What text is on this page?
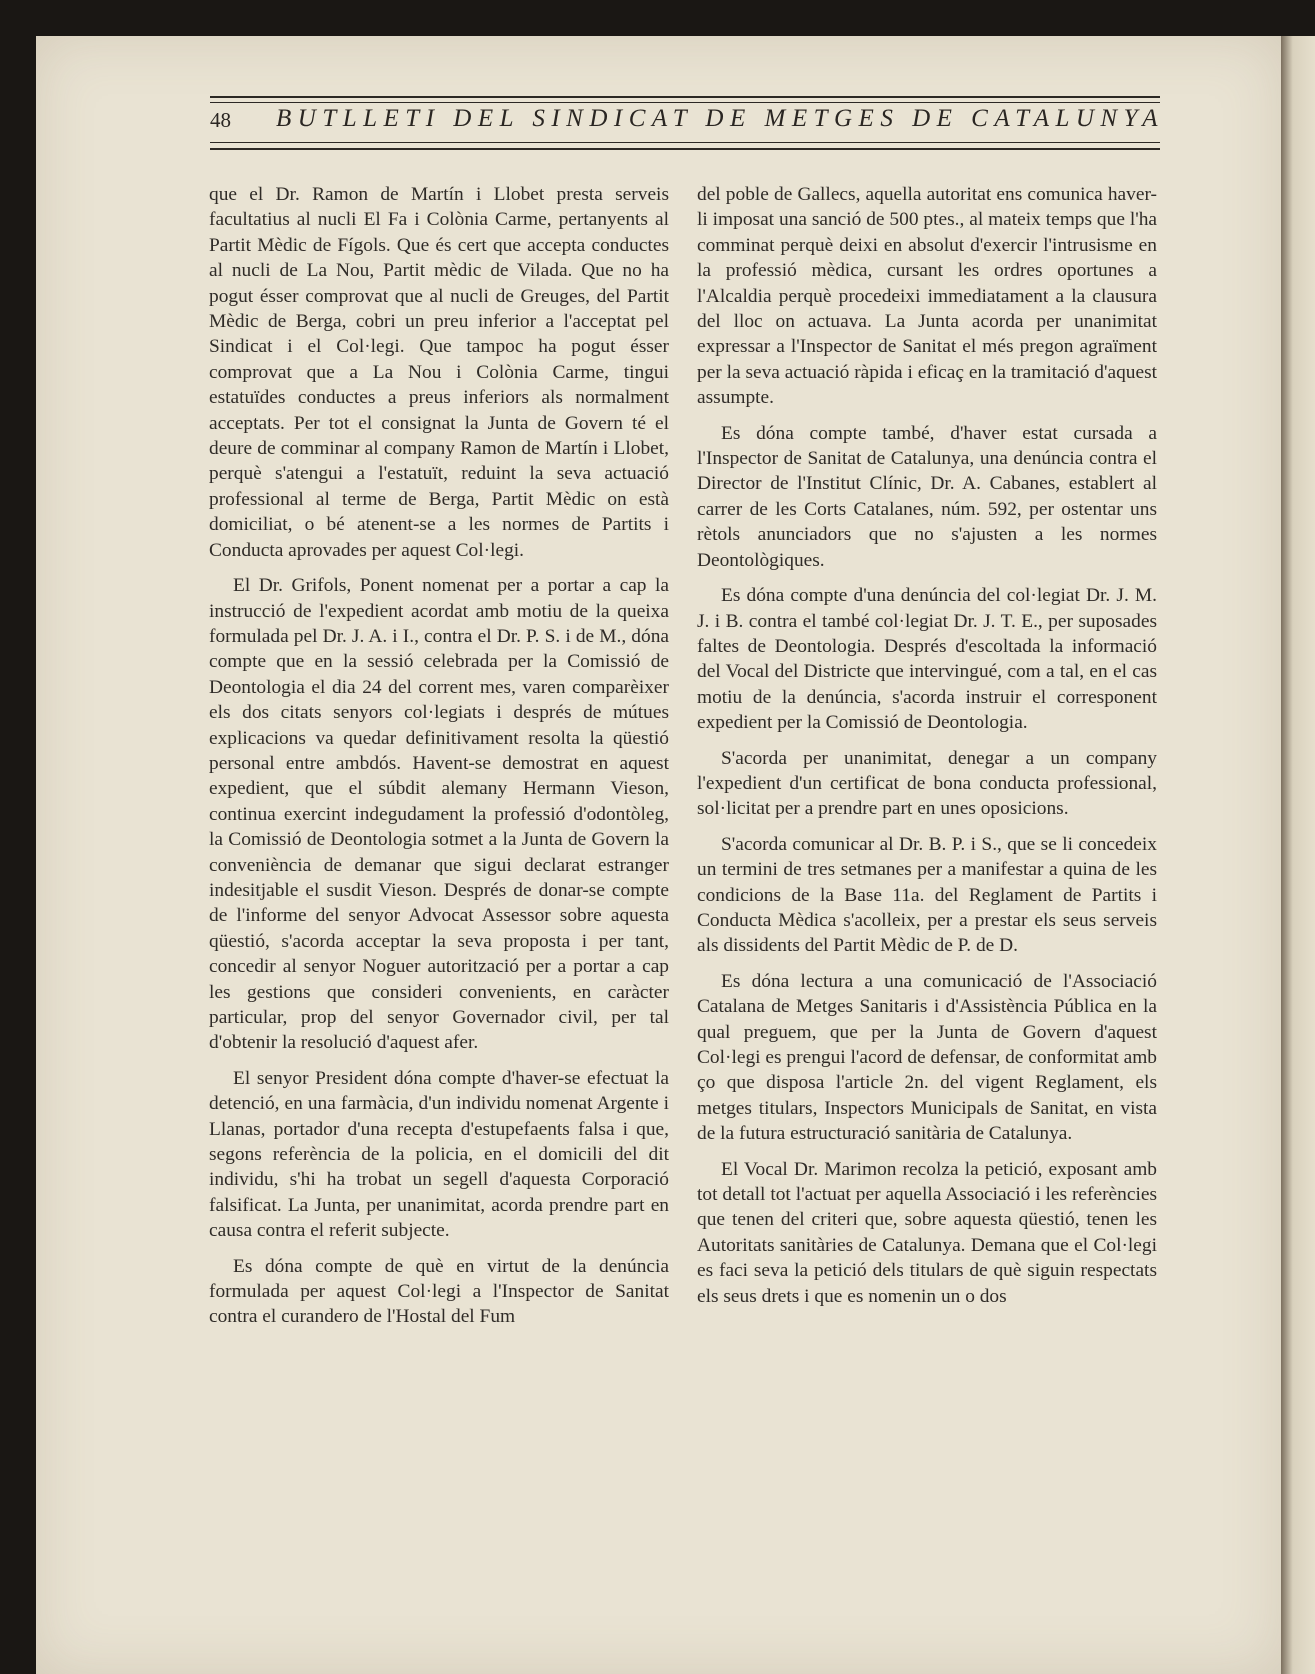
48 BUTLLETI DEL SINDICAT DE METGES DE CATALUNYA

que el Dr. Ramon de Martín i Llobet presta serveis facultatius al nucli El Fa i Colònia Carme, pertanyents al Partit Mèdic de Fígols. Que és cert que accepta conductes al nucli de La Nou, Partit mèdic de Vilada. Que no ha pogut ésser comprovat que al nucli de Greuges, del Partit Mèdic de Berga, cobri un preu inferior a l'acceptat pel Sindicat i el Col·legi. Que tampoc ha pogut ésser comprovat que a La Nou i Colònia Carme, tingui estatuïdes conductes a preus inferiors als normalment acceptats. Per tot el consignat la Junta de Govern té el deure de comminar al company Ramon de Martín i Llobet, perquè s'atengui a l'estatuït, reduint la seva actuació professional al terme de Berga, Partit Mèdic on està domiciliat, o bé atenent-se a les normes de Partits i Conducta aprovades per aquest Col·legi.

El Dr. Grifols, Ponent nomenat per a portar a cap la instrucció de l'expedient acordat amb motiu de la queixa formulada pel Dr. J. A. i I., contra el Dr. P. S. i de M., dóna compte que en la sessió celebrada per la Comissió de Deontologia el dia 24 del corrent mes, varen comparèixer els dos citats senyors col·legiats i després de mútues explicacions va quedar definitivament resolta la qüestió personal entre ambdós. Havent-se demostrat en aquest expedient, que el súbdit alemany Hermann Vieson, continua exercint indegudament la professió d'odontòleg, la Comissió de Deontologia sotmet a la Junta de Govern la conveniència de demanar que sigui declarat estranger indesitjable el susdit Vieson. Després de donar-se compte de l'informe del senyor Advocat Assessor sobre aquesta qüestió, s'acorda acceptar la seva proposta i per tant, concedir al senyor Noguer autorització per a portar a cap les gestions que consideri convenients, en caràcter particular, prop del senyor Governador civil, per tal d'obtenir la resolució d'aquest afer.

El senyor President dóna compte d'haver-se efectuat la detenció, en una farmàcia, d'un individu nomenat Argente i Llanas, portador d'una recepta d'estupefaents falsa i que, segons referència de la policia, en el domicili del dit individu, s'hi ha trobat un segell d'aquesta Corporació falsificat. La Junta, per unanimitat, acorda prendre part en causa contra el referit subjecte.

Es dóna compte de què en virtut de la denúncia formulada per aquest Col·legi a l'Inspector de Sanitat contra el curandero de l'Hostal del Fum

del poble de Gallecs, aquella autoritat ens comunica haver-li imposat una sanció de 500 ptes., al mateix temps que l'ha comminat perquè deixi en absolut d'exercir l'intrusisme en la professió mèdica, cursant les ordres oportunes a l'Alcaldia perquè procedeixi immediatament a la clausura del lloc on actuava. La Junta acorda per unanimitat expressar a l'Inspector de Sanitat el més pregon agraïment per la seva actuació ràpida i eficaç en la tramitació d'aquest assumpte.

Es dóna compte també, d'haver estat cursada a l'Inspector de Sanitat de Catalunya, una denúncia contra el Director de l'Institut Clínic, Dr. A. Cabanes, establert al carrer de les Corts Catalanes, núm. 592, per ostentar uns rètols anunciadors que no s'ajusten a les normes Deontològiques.

Es dóna compte d'una denúncia del col·legiat Dr. J. M. J. i B. contra el també col·legiat Dr. J. T. E., per suposades faltes de Deontologia. Després d'escoltada la informació del Vocal del Districte que intervingué, com a tal, en el cas motiu de la denúncia, s'acorda instruir el corresponent expedient per la Comissió de Deontologia.

S'acorda per unanimitat, denegar a un company l'expedient d'un certificat de bona conducta professional, sol·licitat per a prendre part en unes oposicions.

S'acorda comunicar al Dr. B. P. i S., que se li concedeix un termini de tres setmanes per a manifestar a quina de les condicions de la Base 11a. del Reglament de Partits i Conducta Mèdica s'acolleix, per a prestar els seus serveis als dissidents del Partit Mèdic de P. de D.

Es dóna lectura a una comunicació de l'Associació Catalana de Metges Sanitaris i d'Assistència Pública en la qual preguem, que per la Junta de Govern d'aquest Col·legi es prengui l'acord de defensar, de conformitat amb ço que disposa l'article 2n. del vigent Reglament, els metges titulars, Inspectors Municipals de Sanitat, en vista de la futura estructuració sanitària de Catalunya.

El Vocal Dr. Marimon recolza la petició, exposant amb tot detall tot l'actuat per aquella Associació i les referències que tenen del criteri que, sobre aquesta qüestió, tenen les Autoritats sanitàries de Catalunya. Demana que el Col·legi es faci seva la petició dels titulars de què siguin respectats els seus drets i que es nomenin un o dos
